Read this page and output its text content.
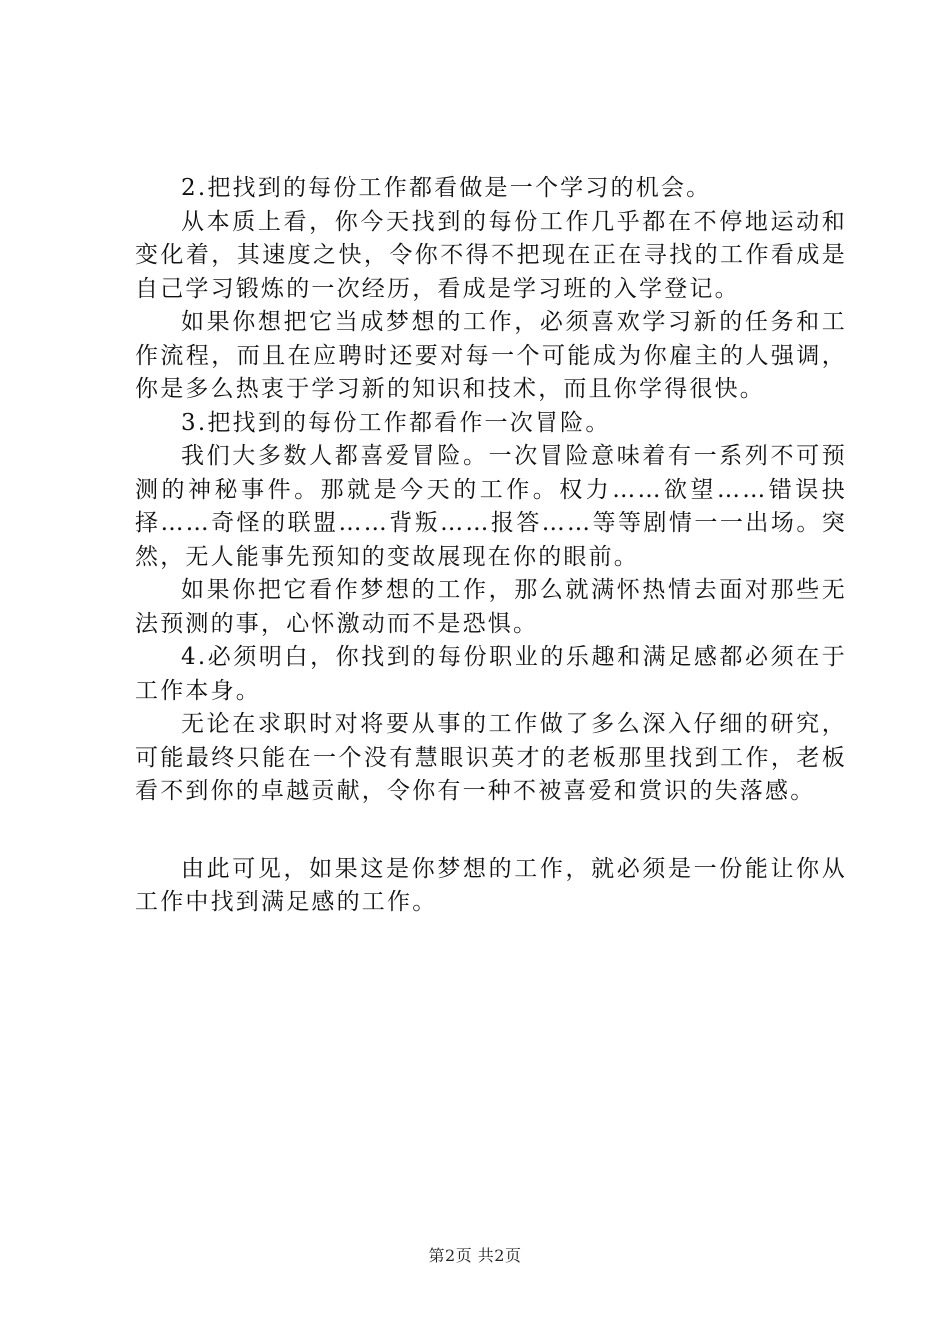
2.把找到的每份工作都看做是一个学习的机会。

从本质上看，你今天找到的每份工作几乎都在不停地运动和变化着，其速度之快，令你不得不把现在正在寻找的工作看成是自己学习锻炼的一次经历，看成是学习班的入学登记。

如果你想把它当成梦想的工作，必须喜欢学习新的任务和工作流程，而且在应聘时还要对每一个可能成为你雇主的人强调，你是多么热衷于学习新的知识和技术，而且你学得很快。

3.把找到的每份工作都看作一次冒险。

我们大多数人都喜爱冒险。一次冒险意味着有一系列不可预测的神秘事件。那就是今天的工作。权力……欲望……错误抉择……奇怪的联盟……背叛……报答……等等剧情一一出场。突然，无人能事先预知的变故展现在你的眼前。

如果你把它看作梦想的工作，那么就满怀热情去面对那些无法预测的事，心怀激动而不是恐惧。

4.必须明白，你找到的每份职业的乐趣和满足感都必须在于工作本身。

无论在求职时对将要从事的工作做了多么深入仔细的研究，可能最终只能在一个没有慧眼识英才的老板那里找到工作，老板看不到你的卓越贡献，令你有一种不被喜爱和赏识的失落感。

由此可见，如果这是你梦想的工作，就必须是一份能让你从工作中找到满足感的工作。

第2页 共2页
